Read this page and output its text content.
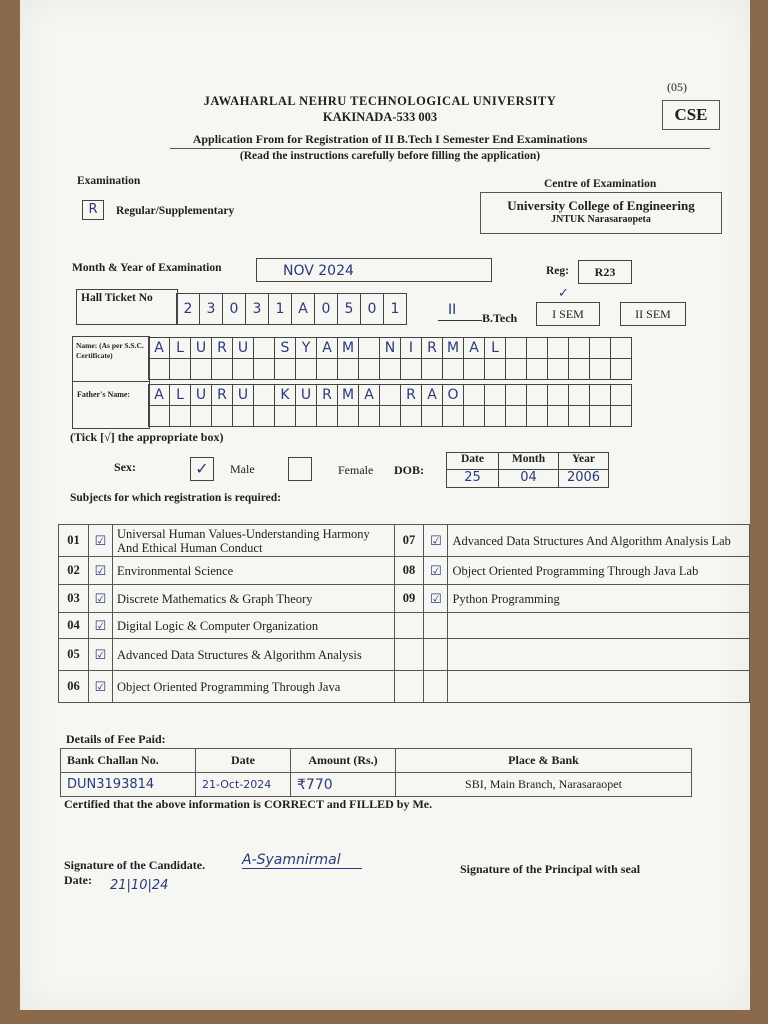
(05)
CSE
JAWAHARLAL NEHRU TECHNOLOGICAL UNIVERSITY
KAKINADA-533 003
Application From for Registration of II B.Tech I Semester End Examinations
(Read the instructions carefully before filling the application)
Examination
R	Regular/Supplementary
Centre of Examination
University College of Engineering
JNTUK Narasaraopeta
Month & Year of Examination	NOV 2024	Reg:	R23
Hall Ticket No
2	3	0	3	1 A 0	5	0	1	II B.Tech	I SEM
✓
II SEM
Name: (As per S.S.C. Certificate)	A L U R U	S Y A M	N I	R M A L
Father's Name:	A L U R U	K U R M A	R A O
(Tick [√] the appropriate box)
Sex:	✓	Male	Female DOB:
Date	Month	Year
25	04	2006
Subjects for which registration is required:
01	☑	Universal Human Values-Understanding Harmony And Ethical Human Conduct	07	☑	Advanced Data Structures And Algorithm Analysis Lab
02	☑	Environmental Science	08	☑	Object Oriented Programming Through Java Lab
03	☑	Discrete Mathematics & Graph Theory	09	☑	Python Programming
04	☑	Digital Logic & Computer Organization			
05	☑	Advanced Data Structures & Algorithm Analysis			
06	☑	Object Oriented Programming Through Java			
Details of Fee Paid:
Bank Challan No.	Date	Amount (Rs.)	Place & Bank
DUN3193814	21-Oct-2024	₹770	SBI, Main Branch, Narasaraopet
Certified that the above information is CORRECT and FILLED by Me.
Signature of the Candidate.	A-Syamnirmal
Date: 21|10|24
Signature of the Principal with seal
